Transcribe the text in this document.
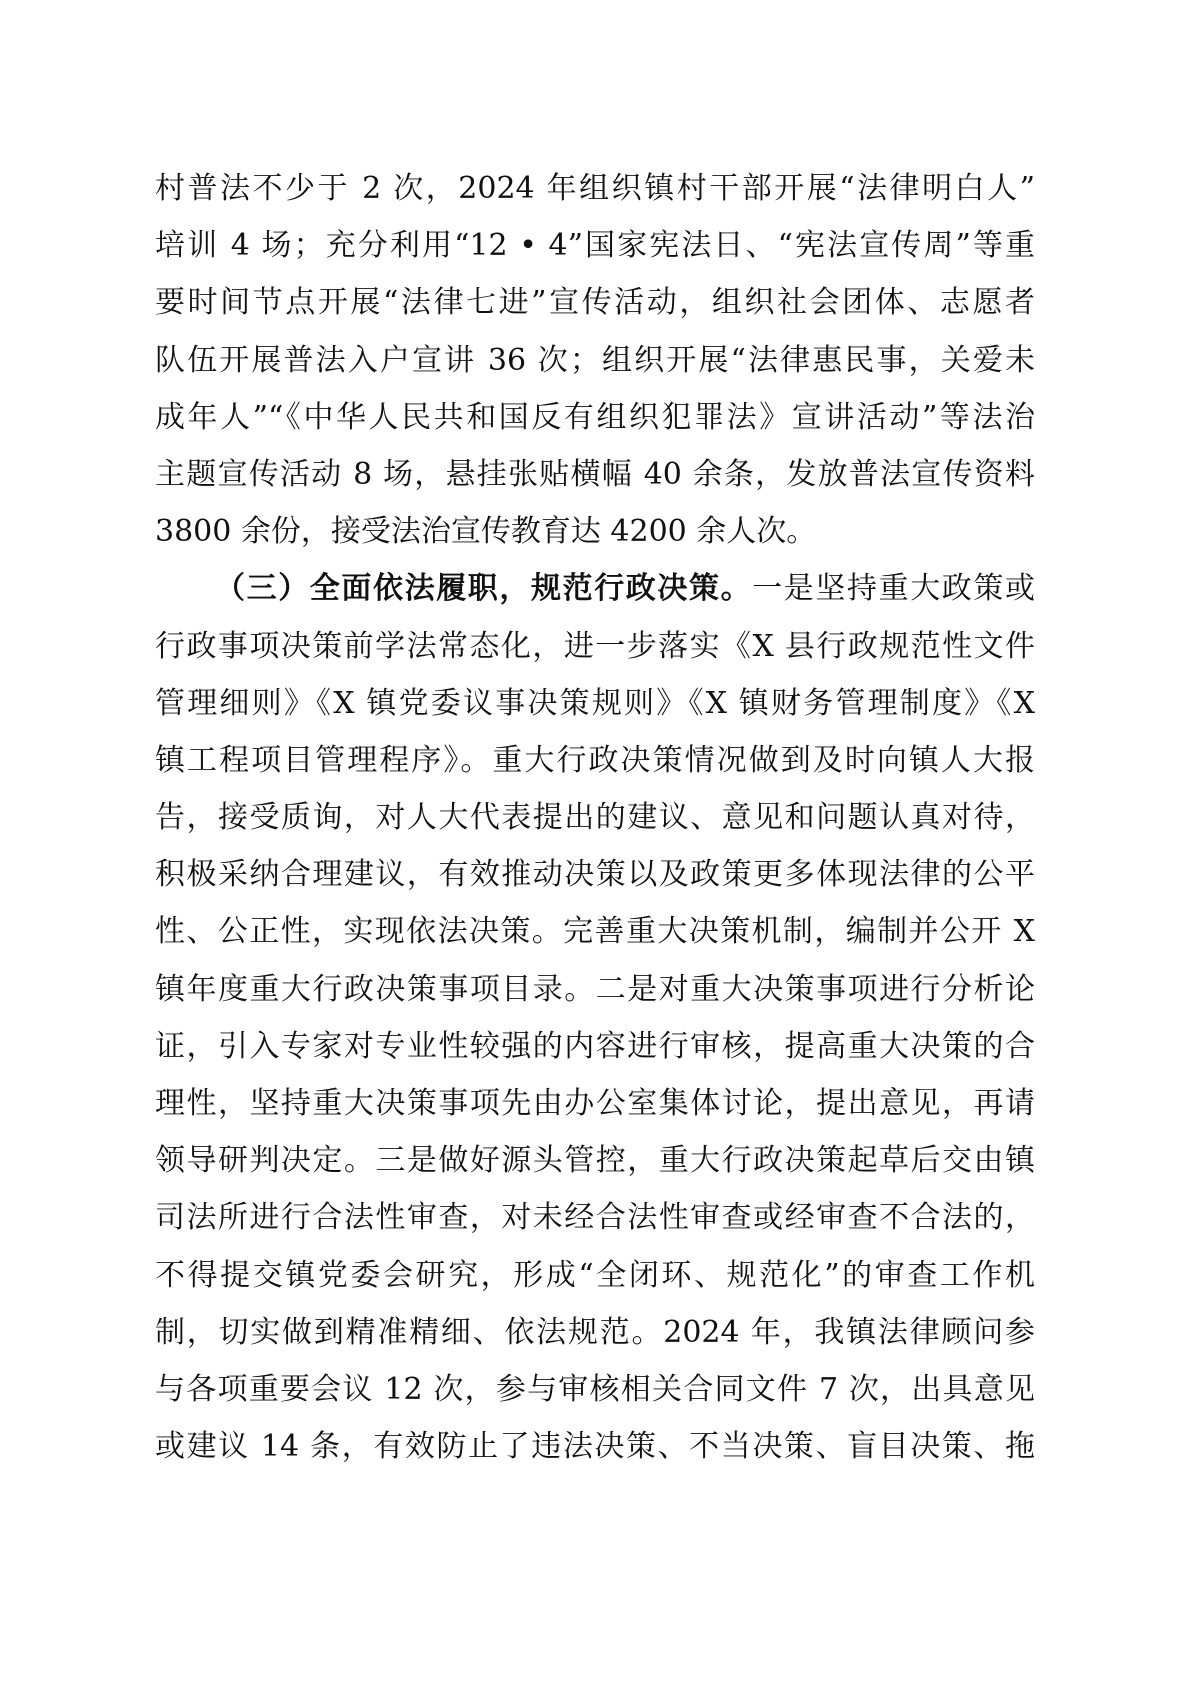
村普法不少于 2 次，2024 年组织镇村干部开展“法律明白人”
培训 4 场；充分利用“12 • 4”国家宪法日、“宪法宣传周”等重
要时间节点开展“法律七进”宣传活动，组织社会团体、志愿者
队伍开展普法入户宣讲 36 次；组织开展“法律惠民事，关爱未
成年人”“《中华人民共和国反有组织犯罪法》宣讲活动”等法治
主题宣传活动 8 场，悬挂张贴横幅 40 余条，发放普法宣传资料
3800 余份，接受法治宣传教育达 4200 余人次。
（三）全面依法履职，规范行政决策。一是坚持重大政策或
行政事项决策前学法常态化，进一步落实《X 县行政规范性文件
管理细则》《X 镇党委议事决策规则》《X 镇财务管理制度》《X
镇工程项目管理程序》。重大行政决策情况做到及时向镇人大报
告，接受质询，对人大代表提出的建议、意见和问题认真对待，
积极采纳合理建议，有效推动决策以及政策更多体现法律的公平
性、公正性，实现依法决策。完善重大决策机制，编制并公开 X
镇年度重大行政决策事项目录。二是对重大决策事项进行分析论
证，引入专家对专业性较强的内容进行审核，提高重大决策的合
理性，坚持重大决策事项先由办公室集体讨论，提出意见，再请
领导研判决定。三是做好源头管控，重大行政决策起草后交由镇
司法所进行合法性审查，对未经合法性审查或经审查不合法的，
不得提交镇党委会研究，形成“全闭环、规范化”的审查工作机
制，切实做到精准精细、依法规范。2024 年，我镇法律顾问参
与各项重要会议 12 次，参与审核相关合同文件 7 次，出具意见
或建议 14 条，有效防止了违法决策、不当决策、盲目决策、拖
